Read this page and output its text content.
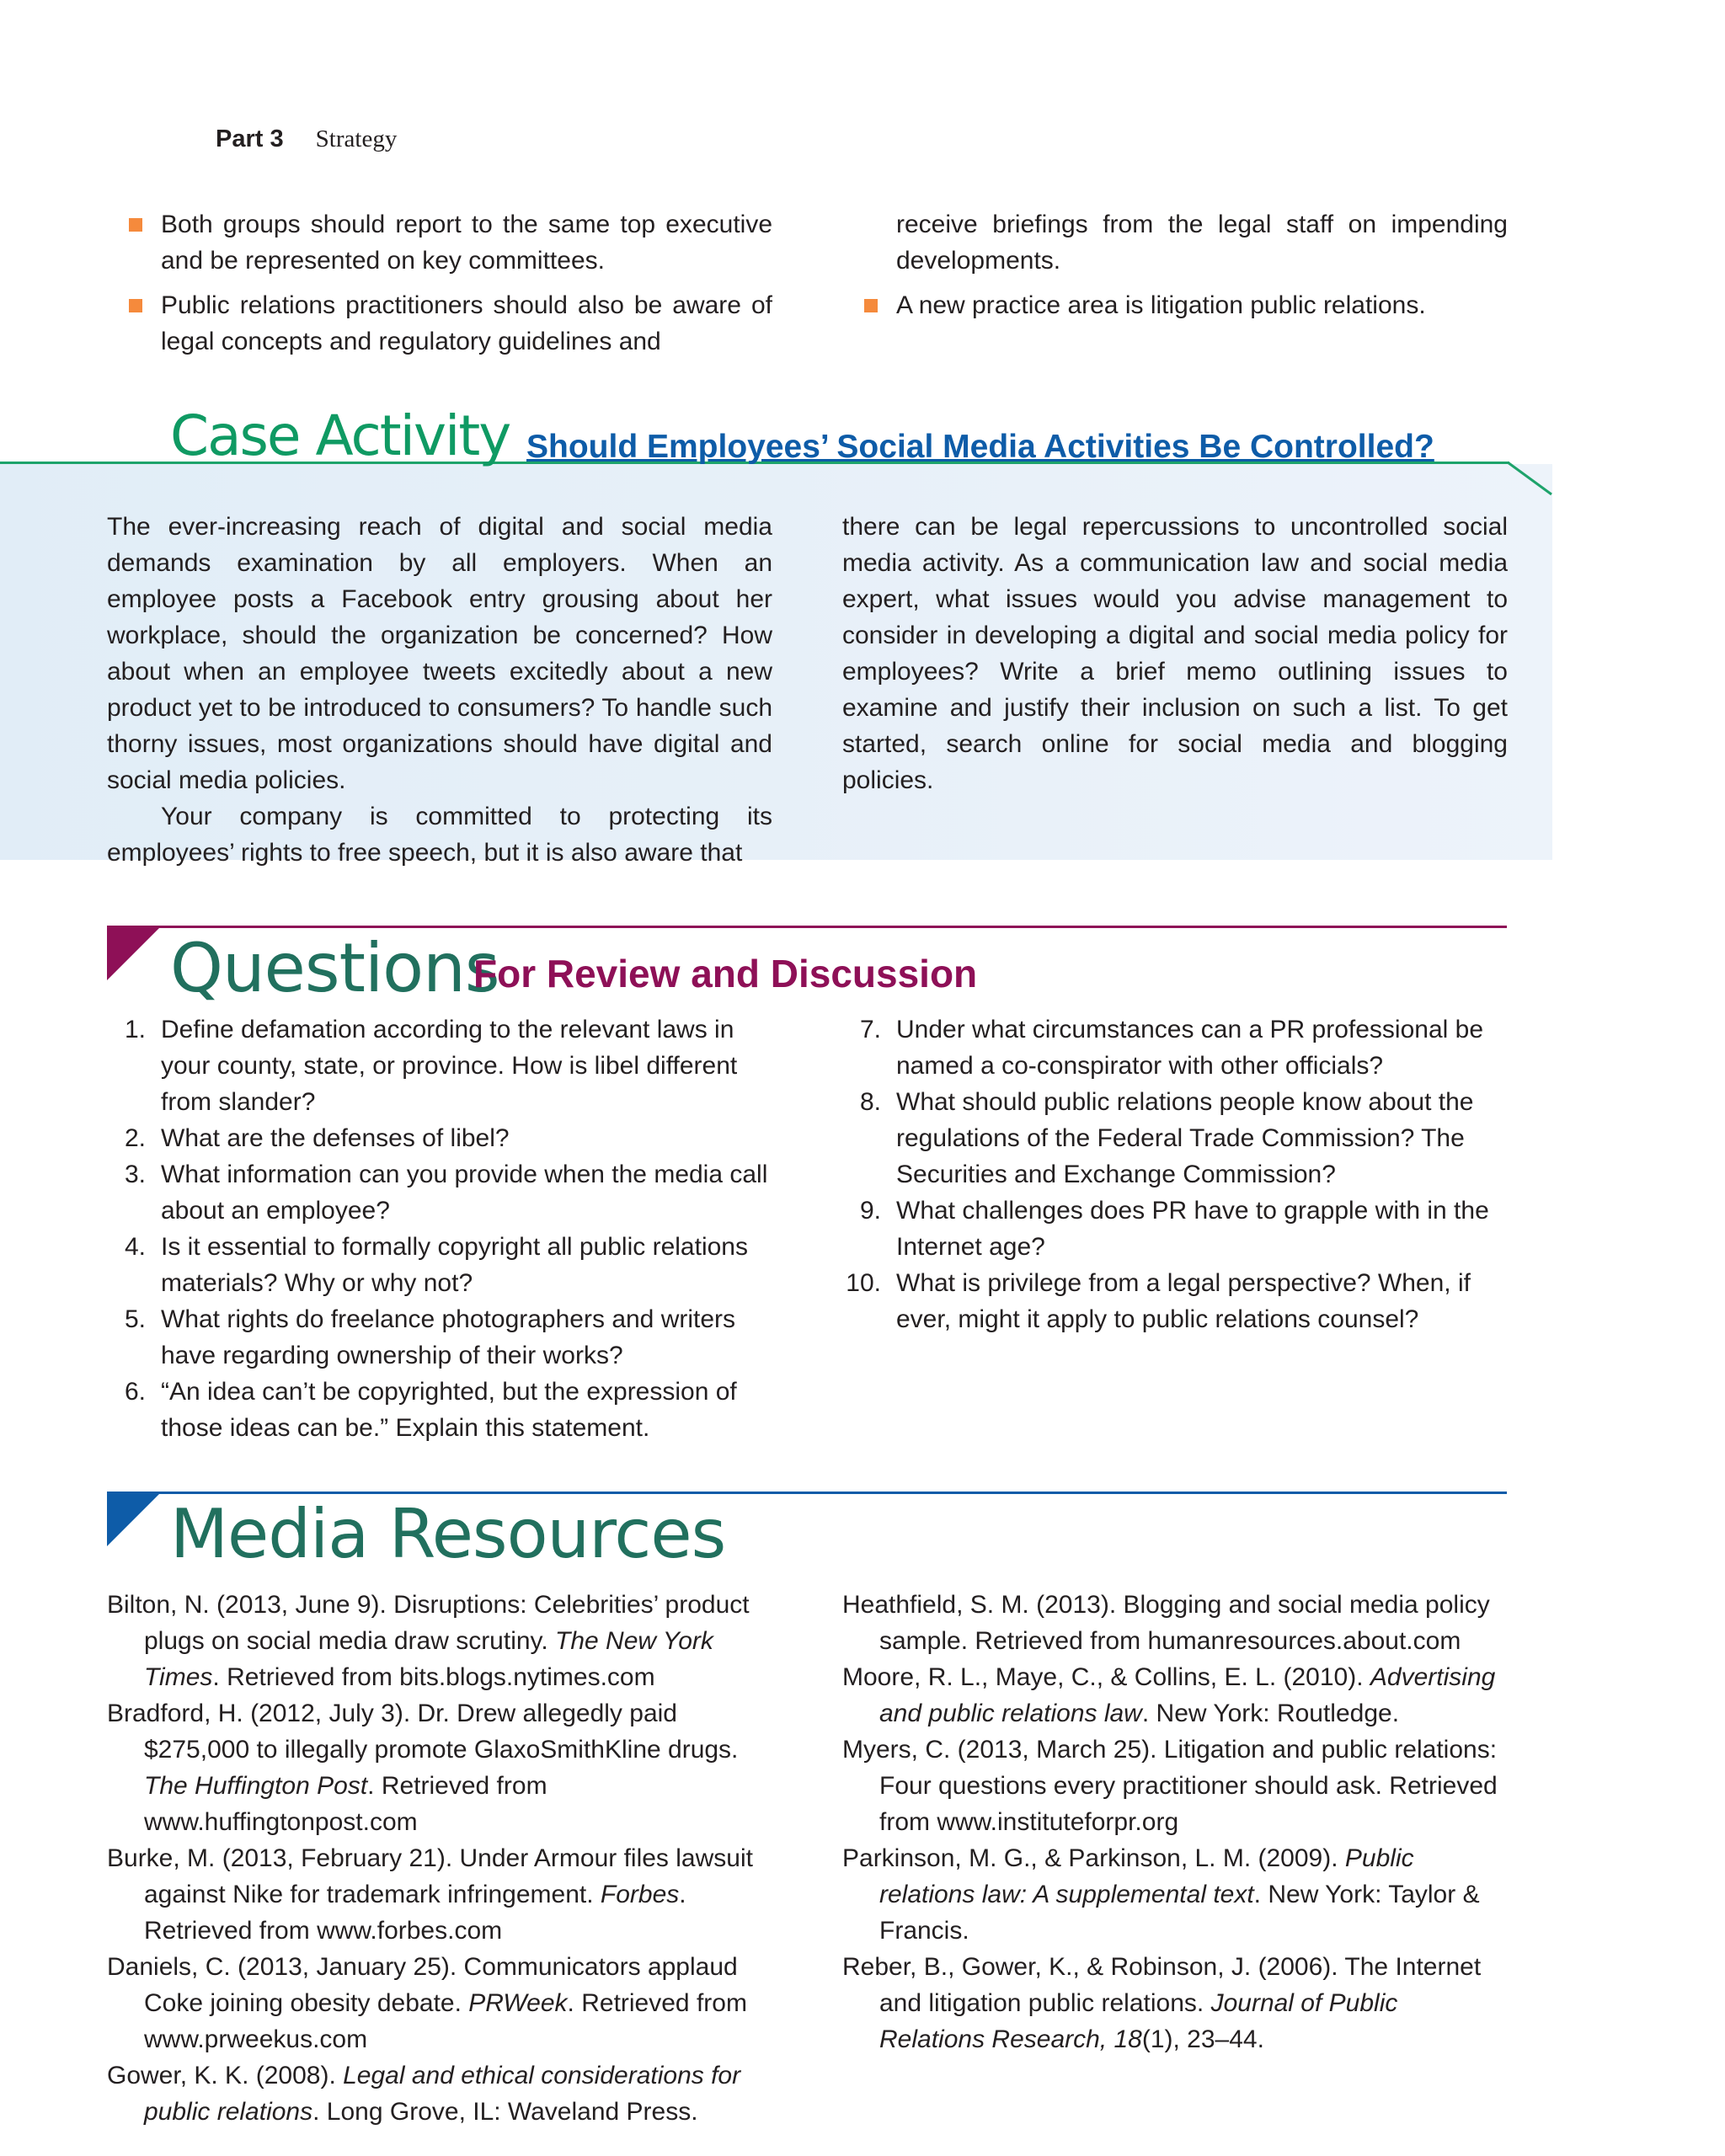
Part 3 Strategy
Both groups should report to the same top executive and be represented on key committees.
Public relations practitioners should also be aware of legal concepts and regulatory guidelines and
receive briefings from the legal staff on impending developments.
A new practice area is litigation public relations.
Case Activity Should Employees’ Social Media Activities Be Controlled?

The ever-increasing reach of digital and social media demands examination by all employers. When an employee posts a Facebook entry grousing about her workplace, should the organization be concerned? How about when an employee tweets excitedly about a new product yet to be introduced to consumers? To handle such thorny issues, most organizations should have digital and social media policies.

Your company is committed to protecting its employees’ rights to free speech, but it is also aware that

there can be legal repercussions to uncontrolled social media activity. As a communication law and social media expert, what issues would you advise management to consider in developing a digital and social media policy for employees? Write a brief memo outlining issues to examine and justify their inclusion on such a list. To get started, search online for social media and blogging policies.

Questions
For Review and Discussion
1. Define defamation according to the relevant laws in your county, state, or province. How is libel different from slander?
2. What are the defenses of libel?
3. What information can you provide when the media call about an employee?
4. Is it essential to formally copyright all public relations materials? Why or why not?
5. What rights do freelance photographers and writers have regarding ownership of their works?
6. “An idea can’t be copyrighted, but the expression of those ideas can be.” Explain this statement.
7. Under what circumstances can a PR professional be named a co-conspirator with other officials?
8. What should public relations people know about the regulations of the Federal Trade Commission? The Securities and Exchange Commission?
9. What challenges does PR have to grapple with in the Internet age?
10. What is privilege from a legal perspective? When, if ever, might it apply to public relations counsel?
Media Resources
Bilton, N. (2013, June 9). Disruptions: Celebrities’ product plugs on social media draw scrutiny. The New York Times. Retrieved from bits.blogs.nytimes.com
Bradford, H. (2012, July 3). Dr. Drew allegedly paid $275,000 to illegally promote GlaxoSmithKline drugs. The Huffington Post. Retrieved from www.huffingtonpost.com
Burke, M. (2013, February 21). Under Armour files lawsuit against Nike for trademark infringement. Forbes. Retrieved from www.forbes.com
Daniels, C. (2013, January 25). Communicators applaud Coke joining obesity debate. PRWeek. Retrieved from www.prweekus.com
Gower, K. K. (2008). Legal and ethical considerations for public relations. Long Grove, IL: Waveland Press.
Heathfield, S. M. (2013). Blogging and social media policy sample. Retrieved from humanresources.about.com
Moore, R. L., Maye, C., & Collins, E. L. (2010). Advertising and public relations law. New York: Routledge.
Myers, C. (2013, March 25). Litigation and public relations: Four questions every practitioner should ask. Retrieved from www.instituteforpr.org
Parkinson, M. G., & Parkinson, L. M. (2009). Public relations law: A supplemental text. New York: Taylor & Francis.
Reber, B., Gower, K., & Robinson, J. (2006). The Internet and litigation public relations. Journal of Public Relations Research, 18(1), 23–44.
